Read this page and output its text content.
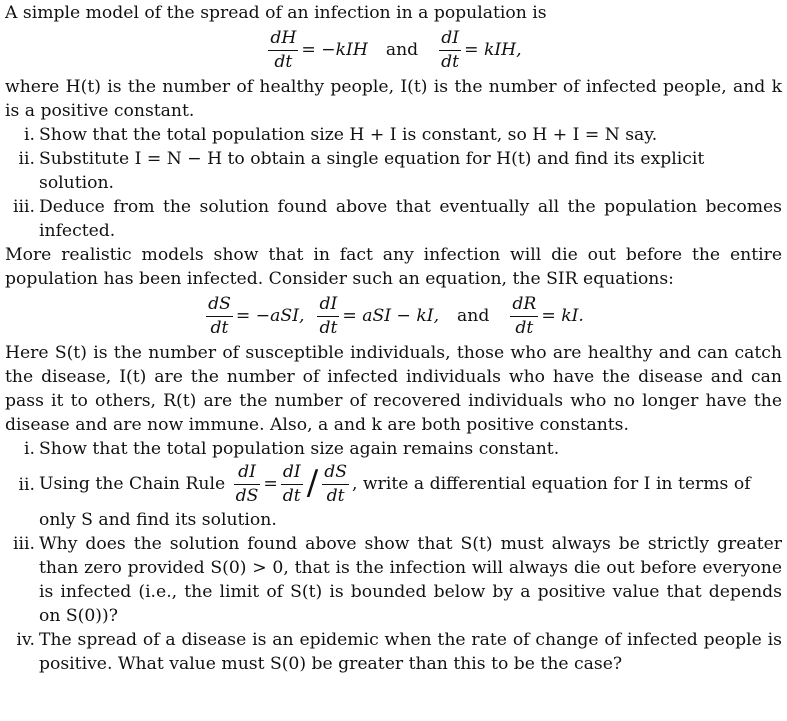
A simple model of the spread of an infection in a population is

$\frac{dH}{dt} = -kIH$ and $\frac{dI}{dt}$ = kIH,

where H(t) is the number of healthy people, I(t) is the number of infected people, and k is a positive constant.

i. Show that the total population size H + I is constant, so H + I = N say.
ii. Substitute I = N − H to obtain a single equation for H(t) and find its explicit solution.
iii. Deduce from the solution found above that eventually all the population becomes infected.

More realistic models show that in fact any infection will die out before the entire population has been infected. Consider such an equation, the SIR equations:

$\frac{dS}{dt} = -aSI$, $\frac{dI}{dt}$ = aSI − kI, and $\frac{dR}{dt}$ = kI.

Here S(t) is the number of susceptible individuals, those who are healthy and can catch the disease, I(t) are the number of infected individuals who have the disease and can pass it to others, R(t) are the number of recovered individuals who no longer have the disease and are now immune. Also, a and k are both positive constants.

i. Show that the total population size again remains constant.
ii. Using the Chain Rule $\frac{dI}{dS} = \frac{dI}{dt} / \frac{dS}{dt}$ , write a differential equation for I in terms of only S and find its solution.
iii. Why does the solution found above show that S(t) must always be strictly greater than zero provided S(0) > 0, that is the infection will always die out before everyone is infected (i.e., the limit of S(t) is bounded below by a positive value that depends on S(0))?
iv. The spread of a disease is an epidemic when the rate of change of infected people is positive. What value must S(0) be greater than this to be the case?
